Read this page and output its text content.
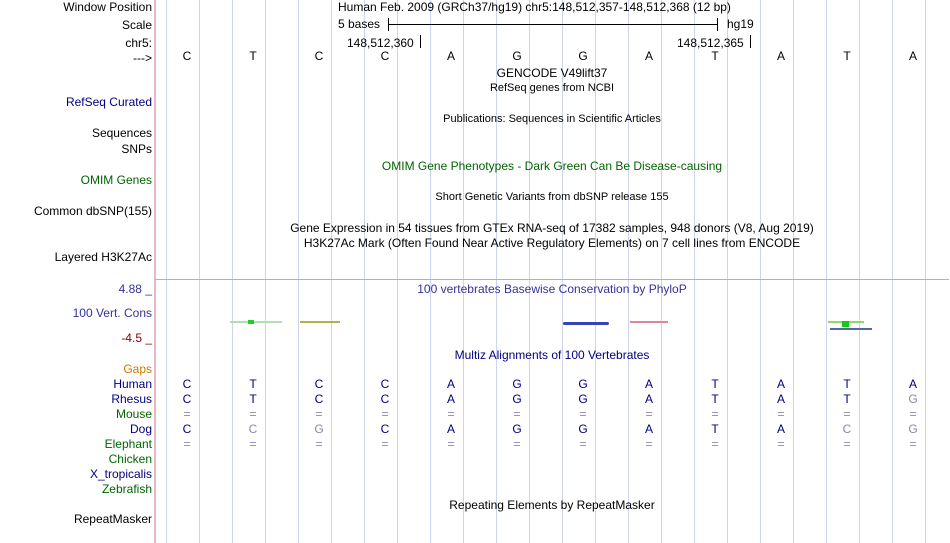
Window Position	Human Feb. 2009 (GRCh37/hg19) chr5:148,512,357-148,512,368 (12 bp)
Scale	5 bases	hg19
chr5:	148,512,360	148,512,365
--->	C	T	C	C	A	G	G	A	T	A	T	A
GENCODE V49lift37
RefSeq genes from NCBI
RefSeq Curated
Publications: Sequences in Scientific Articles
Sequences
SNPs
OMIM Gene Phenotypes - Dark Green Can Be Disease-causing
OMIM Genes
Short Genetic Variants from dbSNP release 155
Common dbSNP(155)
Gene Expression in 54 tissues from GTEx RNA-seq of 17382 samples, 948 donors (V8, Aug 2019)
H3K27Ac Mark (Often Found Near Active Regulatory Elements) on 7 cell lines from ENCODE
Layered H3K27Ac
4.88 _	100 vertebrates Basewise Conservation by PhyloP
100 Vert. Cons
-4.5 _
Multiz Alignments of 100 Vertebrates
Gaps
Human	C	T	C	C	A	G	G	A	T	A	T	A
Rhesus	C	T	C	C	A	G	G	A	T	A	T	G
Mouse	=	=	=	=	=	=	=	=	=	=	=	=
Dog	C	C	G	C	A	G	G	A	T	A	C	G
Elephant	=	=	=	=	=	=	=	=	=	=	=	=
Chicken
X_tropicalis
Zebrafish
Repeating Elements by RepeatMasker
RepeatMasker
